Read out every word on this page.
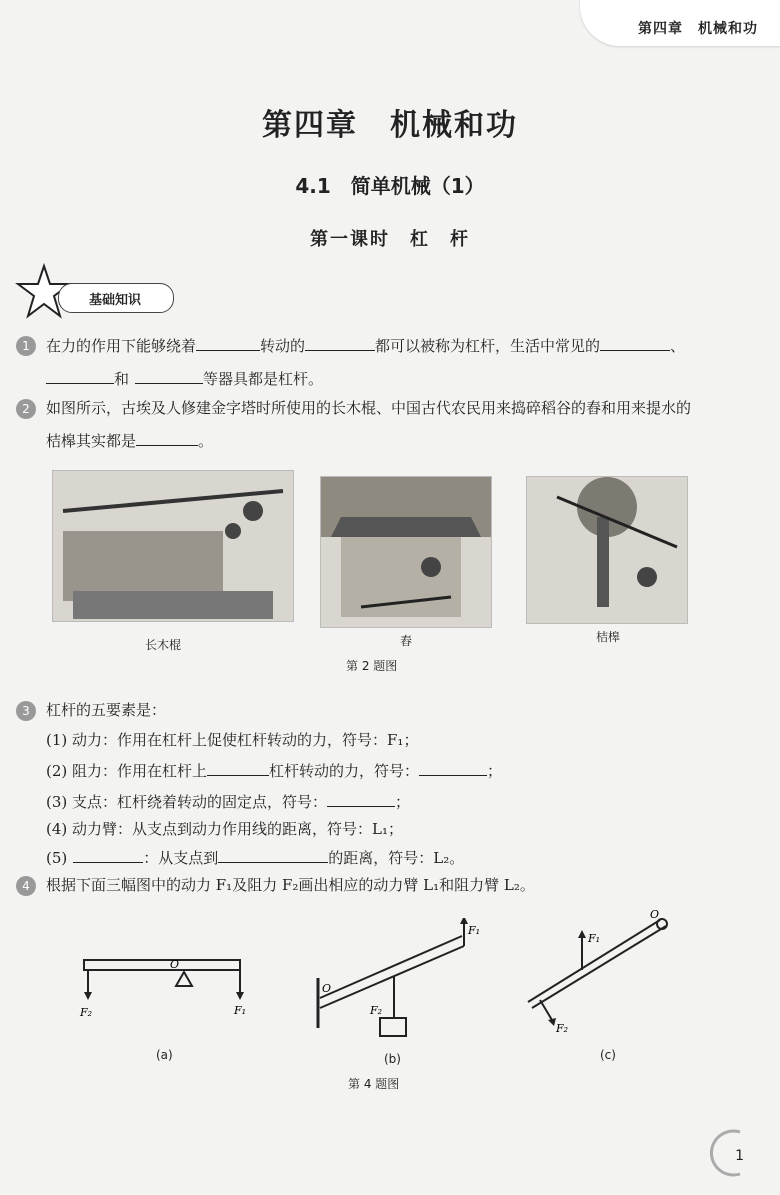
第四章　机械和功
第四章　机械和功
4.1　简单机械（1）
第一课时　杠　杆
基础知识
1	在力的作用下能够绕着	转动的	都可以被称为杠杆，生活中常见的	、
和	等器具都是杠杆。
2	如图所示，古埃及人修建金字塔时所使用的长木棍、中国古代农民用来捣碎稻谷的舂和用来提水的
桔槔其实都是	。
长木棍	舂	桔槔
第 2 题图
3	杠杆的五要素是：
(1) 动力：作用在杠杆上促使杠杆转动的力，符号：F₁；
(2) 阻力：作用在杠杆上	杠杆转动的力，符号：	；
(3) 支点：杠杆绕着转动的固定点，符号：	；
(4) 动力臂：从支点到动力作用线的距离，符号：L₁；
(5)	：从支点到	的距离，符号：L₂。
4	根据下面三幅图中的动力 F₁及阻力 F₂画出相应的动力臂 L₁和阻力臂 L₂。
O
F₂	F₁
(a)
O
F₁
F₂
(b)
O
F₁
F₂
(c)
第 4 题图
1
